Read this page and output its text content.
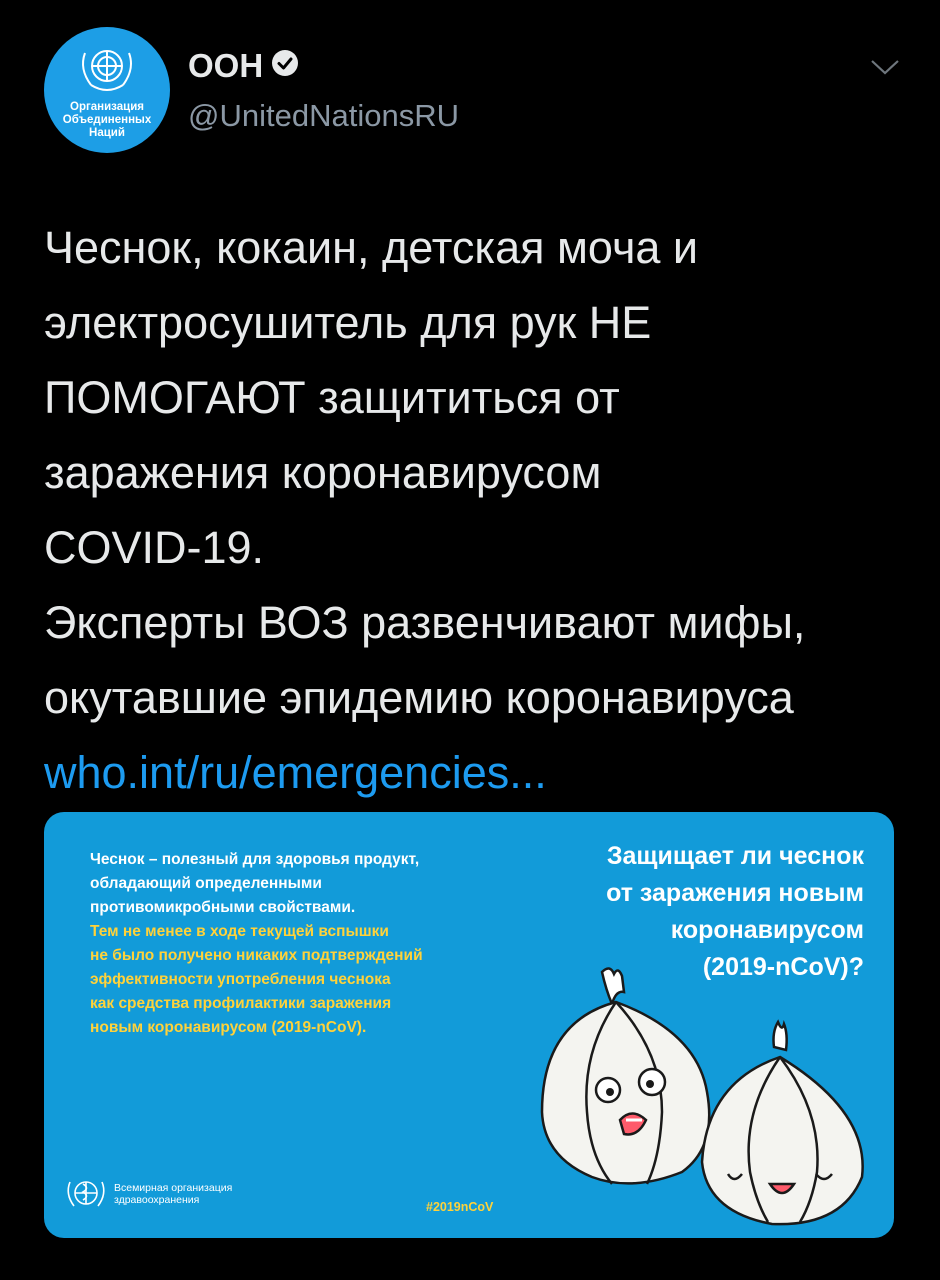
Организация
Объединенных
Наций
ООН
@UnitedNationsRU
Чеснок, кокаин, детская моча и
электросушитель для рук НЕ
ПОМОГАЮТ защититься от
заражения коронавирусом
COVID-19.
Эксперты ВОЗ развенчивают мифы,
окутавшие эпидемию коронавируса
who.int/ru/emergencies...
Чеснок – полезный для здоровья продукт,
обладающий определенными
противомикробными свойствами.
Тем не менее в ходе текущей вспышки
не было получено никаких подтверждений
эффективности употребления чеснока
как средства профилактики заражения
новым коронавирусом (2019-nCoV).
Защищает ли чеснок
от заражения новым
коронавирусом
(2019-nCoV)?
Всемирная организация
здравоохранения	#2019nCoV
